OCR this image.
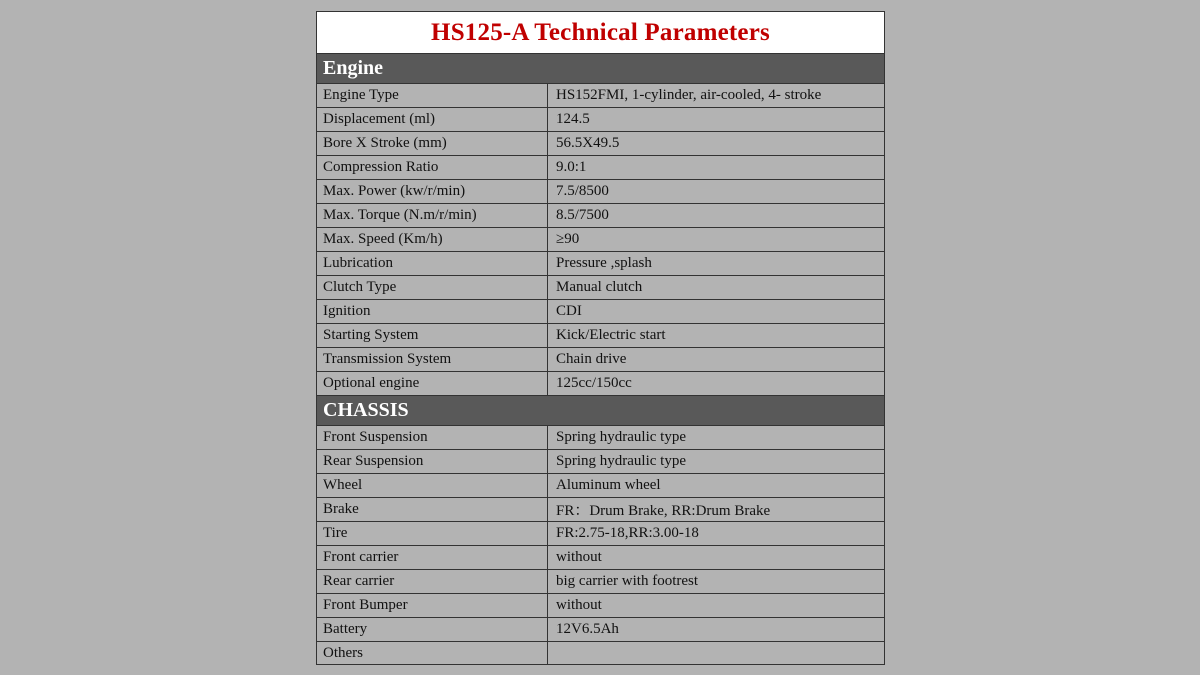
HS125-A Technical Parameters
Engine
Engine Type	HS152FMI, 1-cylinder, air-cooled, 4- stroke
Displacement (ml)	124.5
Bore X Stroke (mm)	56.5X49.5
Compression Ratio	9.0:1
Max. Power (kw/r/min)	7.5/8500
Max. Torque (N.m/r/min)	8.5/7500
Max. Speed (Km/h)	≥90
Lubrication	Pressure ,splash
Clutch Type	Manual clutch
Ignition	CDI
Starting System	Kick/Electric start
Transmission System	Chain drive
Optional engine	125cc/150cc
CHASSIS
Front Suspension	Spring hydraulic type
Rear Suspension	Spring hydraulic type
Wheel	Aluminum wheel
Brake	FR：Drum Brake, RR:Drum Brake
Tire	FR:2.75-18,RR:3.00-18
Front carrier	without
Rear carrier	big carrier with footrest
Front Bumper	without
Battery	12V6.5Ah
Others
